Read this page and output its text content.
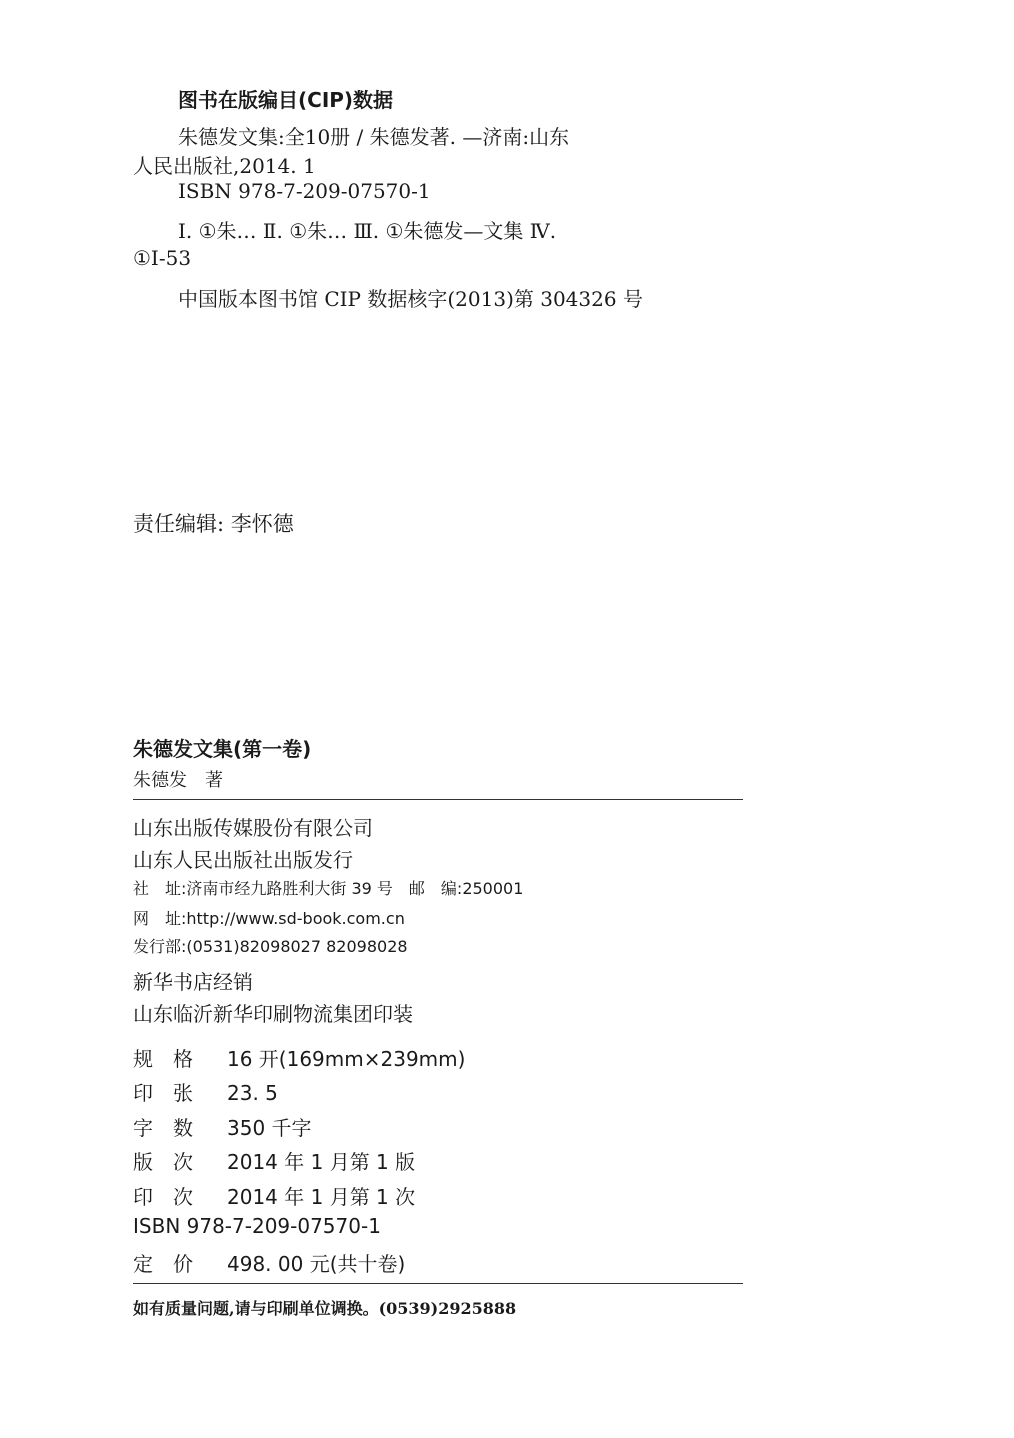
图书在版编目(CIP)数据
朱德发文集:全10册 / 朱德发著. —济南:山东
人民出版社,2014. 1
ISBN 978-7-209-07570-1
Ⅰ. ①朱… Ⅱ. ①朱… Ⅲ. ①朱德发—文集 Ⅳ.
①I-53
中国版本图书馆 CIP 数据核字(2013)第 304326 号
责任编辑: 李怀德
朱德发文集(第一卷)
朱德发　著
山东出版传媒股份有限公司
山东人民出版社出版发行
社　址:济南市经九路胜利大街 39 号　邮　编:250001
网　址:http://www.sd-book.com.cn
发行部:(0531)82098027 82098028
新华书店经销
山东临沂新华印刷物流集团印装
规格 16 开(169mm×239mm)
印张 23. 5
字数 350 千字
版次 2014 年 1 月第 1 版
印次 2014 年 1 月第 1 次
ISBN 978-7-209-07570-1
定价 498. 00 元(共十卷)
如有质量问题,请与印刷单位调换。(0539)2925888
